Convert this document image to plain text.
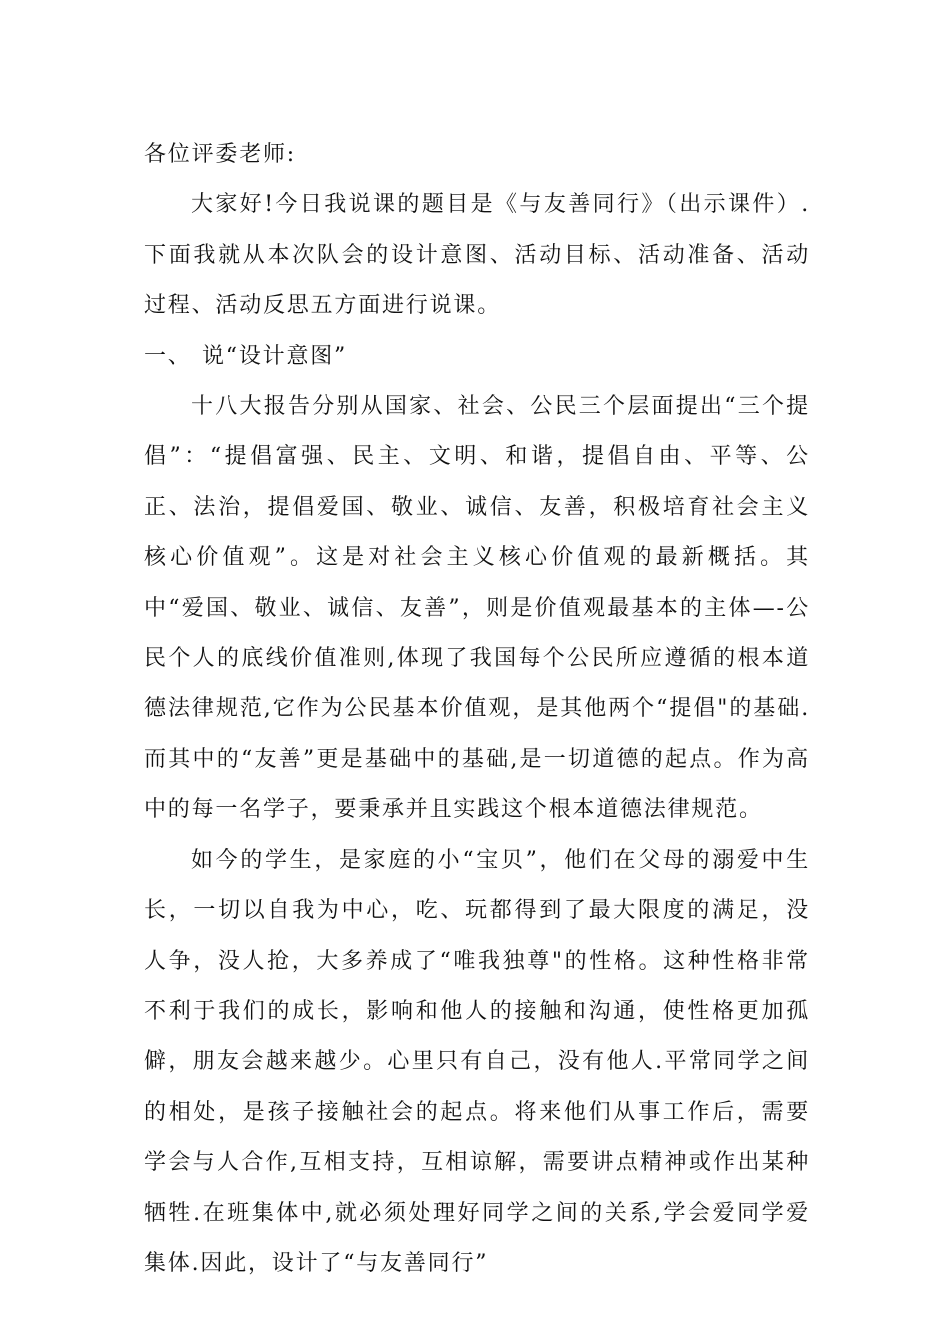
各位评委老师:

大家好!今日我说课的题目是《与友善同行》（出示课件）.下面我就从本次队会的设计意图、活动目标、活动准备、活动过程、活动反思五方面进行说课。

一、 说“设计意图”

十八大报告分别从国家、社会、公民三个层面提出“三个提倡”：“提倡富强、民主、文明、和谐，提倡自由、平等、公正、法治，提倡爱国、敬业、诚信、友善，积极培育社会主义核心价值观”。这是对社会主义核心价值观的最新概括。其中“爱国、敬业、诚信、友善”，则是价值观最基本的主体—-公民个人的底线价值准则,体现了我国每个公民所应遵循的根本道德法律规范,它作为公民基本价值观，是其他两个“提倡"的基础.而其中的“友善”更是基础中的基础,是一切道德的起点。作为高中的每一名学子，要秉承并且实践这个根本道德法律规范。

如今的学生，是家庭的小“宝贝”，他们在父母的溺爱中生长，一切以自我为中心，吃、玩都得到了最大限度的满足，没人争，没人抢，大多养成了“唯我独尊"的性格。这种性格非常不利于我们的成长，影响和他人的接触和沟通，使性格更加孤僻，朋友会越来越少。心里只有自己，没有他人.平常同学之间的相处，是孩子接触社会的起点。将来他们从事工作后，需要学会与人合作,互相支持，互相谅解，需要讲点精神或作出某种牺牲.在班集体中,就必须处理好同学之间的关系,学会爱同学爱集体.因此，设计了“与友善同行”
